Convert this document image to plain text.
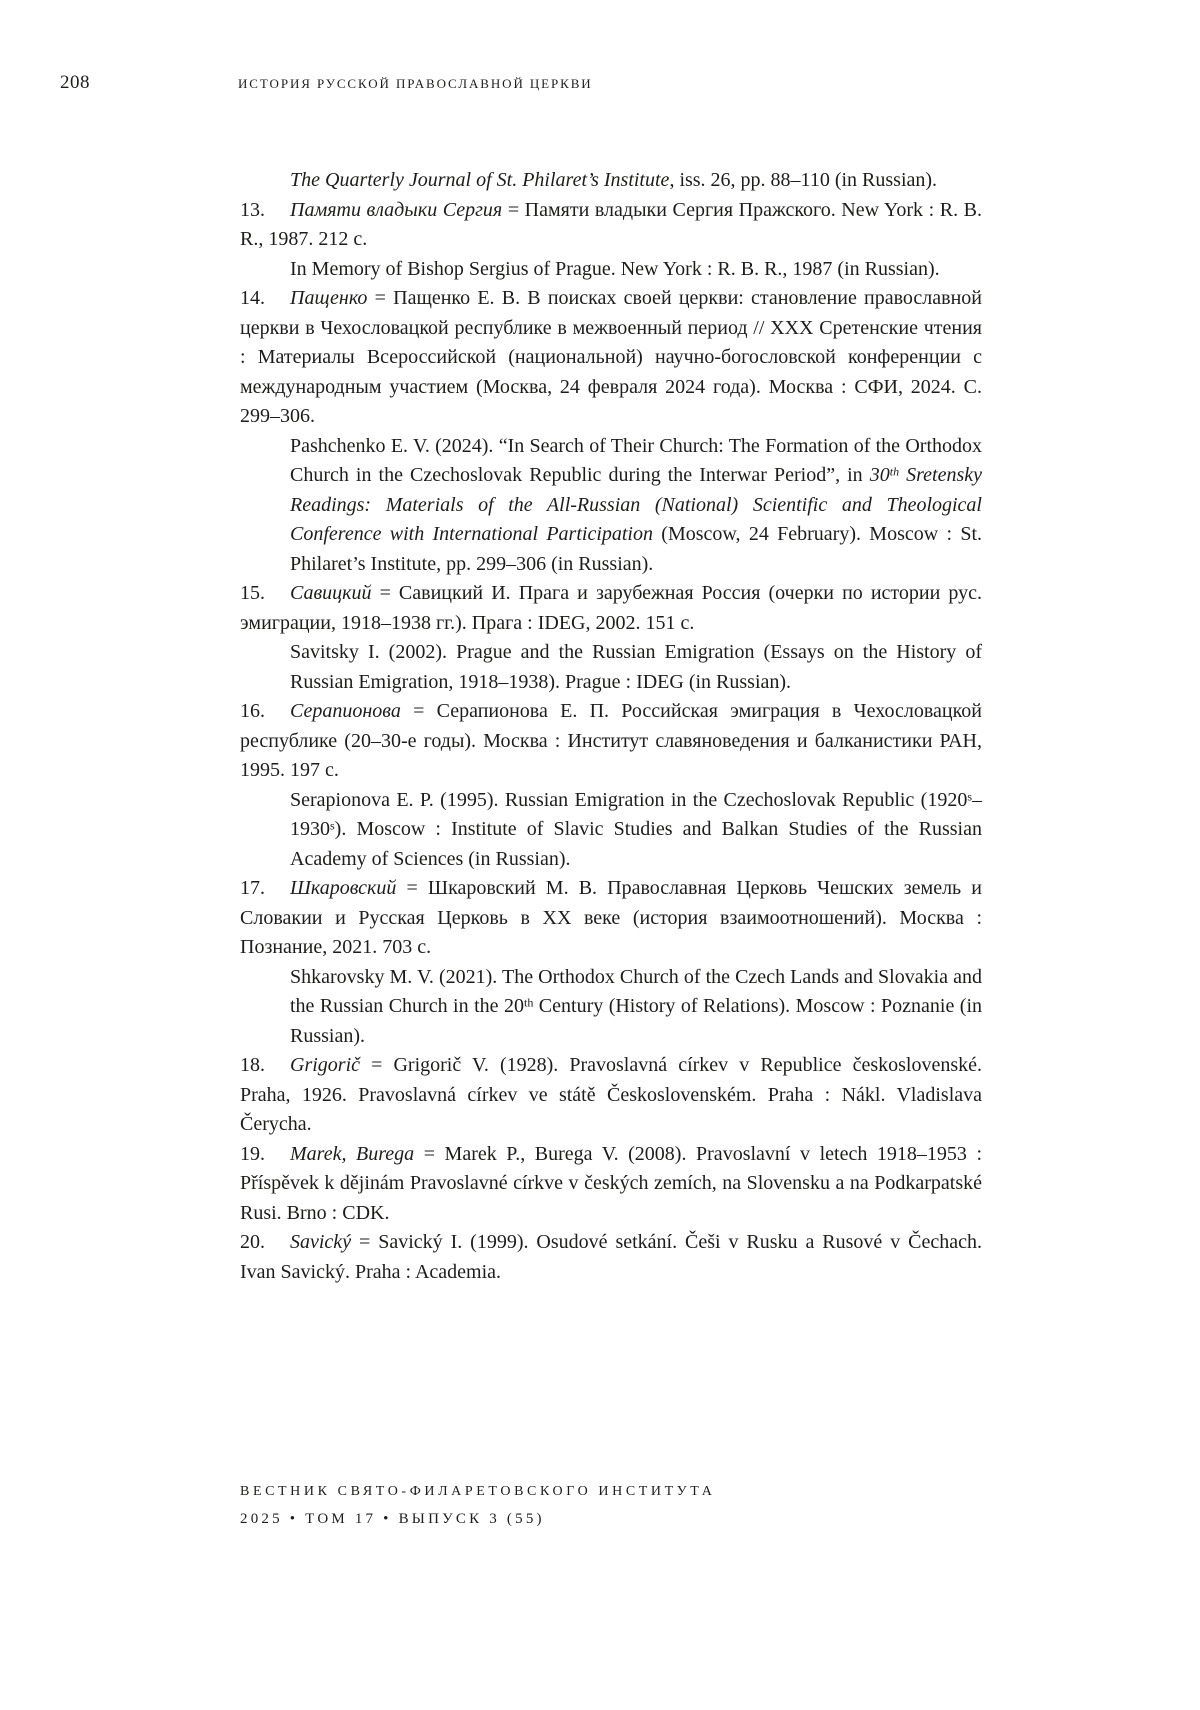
208	ИСТОРИЯ РУССКОЙ ПРАВОСЛАВНОЙ ЦЕРКВИ

The Quarterly Journal of St. Philaret’s Institute, iss. 26, pp. 88–110 (in Russian).

13. Памяти владыки Сергия = Памяти владыки Сергия Пражского. New York : R. B. R., 1987. 212 с.

In Memory of Bishop Sergius of Prague. New York : R. B. R., 1987 (in Russian).

14. Пащенко = Пащенко Е. В. В поисках своей церкви: становление православной церкви в Чехословацкой республике в межвоенный период // XXX Сретенские чтения : Материалы Всероссийской (национальной) научно-богословской конференции с международным участием (Москва, 24 февраля 2024 года). Москва : СФИ, 2024. С. 299–306.

Pashchenko E. V. (2024). “In Search of Their Church: The Formation of the Orthodox Church in the Czechoslovak Republic during the Interwar Period”, in 30th Sretensky Readings: Materials of the All-Russian (National) Scientific and Theological Conference with International Participation (Moscow, 24 February). Moscow : St. Philaret’s Institute, pp. 299–306 (in Russian).

15. Савицкий = Савицкий И. Прага и зарубежная Россия (очерки по истории рус. эмиграции, 1918–1938 гг.). Прага : IDEG, 2002. 151 с.

Savitsky I. (2002). Prague and the Russian Emigration (Essays on the History of Russian Emigration, 1918–1938). Prague : IDEG (in Russian).

16. Серапионова = Серапионова Е. П. Российская эмиграция в Чехословацкой республике (20–30-е годы). Москва : Институт славяноведения и балканистики РАН, 1995. 197 с.

Serapionova E. P. (1995). Russian Emigration in the Czechoslovak Republic (1920$^s$–1930$^s$). Moscow : Institute of Slavic Studies and Balkan Studies of the Russian Academy of Sciences (in Russian).

17. Шкаровский = Шкаровский М. В. Православная Церковь Чешских земель и Словакии и Русская Церковь в XX веке (история взаимоотношений). Москва : Познание, 2021. 703 с.

Shkarovsky M. V. (2021). The Orthodox Church of the Czech Lands and Slovakia and the Russian Church in the 20th Century (History of Relations). Moscow : Poznanie (in Russian).

18. Grigorič = Grigorič V. (1928). Pravoslavná církev v Republice československé. Praha, 1926. Pravoslavná církev ve státě Československém. Praha : Nákl. Vladislava Čerycha.

19. Marek, Burega = Marek P., Burega V. (2008). Pravoslavní v letech 1918–1953 : Příspěvek k dějinám Pravoslavné církve v českých zemích, na Slovensku a na Podkarpatské Rusi. Brno : CDK.

20. Savický = Savický I. (1999). Osudové setkání. Češi v Rusku a Rusové v Čechach. Ivan Savický. Praha : Academia.

ВЕСТНИК СВЯТО-ФИЛАРЕТОВСКОГО ИНСТИТУТА

2025 • ТОМ 17 • ВЫПУСК 3 (55)
